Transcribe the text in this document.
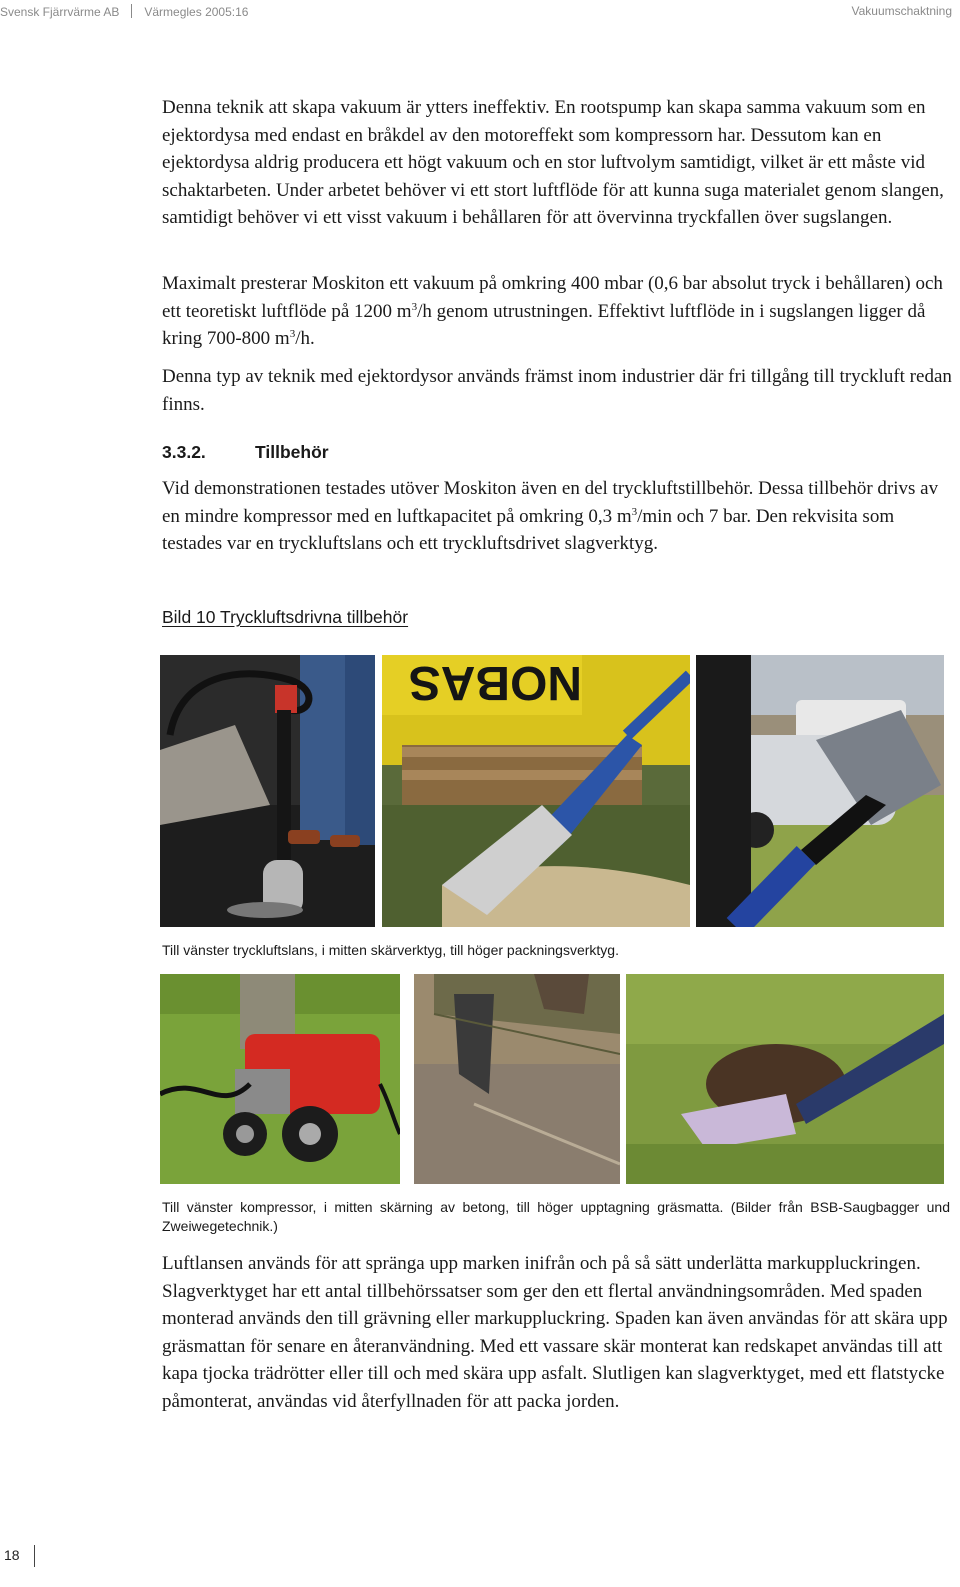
Svensk Fjärrvärme AB Värmegles 2005:16	Vakuumschaktning

Denna teknik att skapa vakuum är ytters ineffektiv. En rootspump kan skapa samma vakuum som en ejektordysa med endast en bråkdel av den motoreffekt som kompressorn har. Dessutom kan en ejektordysa aldrig producera ett högt vakuum och en stor luftvolym samtidigt, vilket är ett måste vid schaktarbeten. Under arbetet behöver vi ett stort luftflöde för att kunna suga materialet genom slangen, samtidigt behöver vi ett visst vakuum i behållaren för att övervinna tryckfallen över sugslangen.

Maximalt presterar Moskiton ett vakuum på omkring 400 mbar (0,6 bar absolut tryck i behållaren) och ett teoretiskt luftflöde på 1200 $m^3/h$ genom utrustningen. Effektivt luftflöde in i sugslangen ligger då kring 700-800 $m^3/h$.

Denna typ av teknik med ejektordysor används främst inom industrier där fri tillgång till tryckluft redan finns.

3.3.2.	Tillbehör

Vid demonstrationen testades utöver Moskiton även en del tryckluftstillbehör. Dessa tillbehör drivs av en mindre kompressor med en luftkapacitet på omkring 0,3 $m^3/\min$ och 7 bar. Den rekvisita som testades var en tryckluftslans och ett tryckluftsdrivet slagverktyg.

Bild 10 Tryckluftsdrivna tillbehör
NOBAS

Till vänster tryckluftslans, i mitten skärverktyg, till höger packningsverktyg.

Till vänster kompressor, i mitten skärning av betong, till höger upptagning gräsmatta. (Bilder från BSB-Saugbagger und Zweiwegetechnik.)

Luftlansen används för att spränga upp marken inifrån och på så sätt underlätta markuppluckringen. Slagverktyget har ett antal tillbehörssatser som ger den ett flertal användningsområden. Med spaden monterad används den till grävning eller markuppluckring. Spaden kan även användas för att skära upp gräsmattan för senare en återanvändning. Med ett vassare skär monterat kan redskapet användas till att kapa tjocka trädrötter eller till och med skära upp asfalt. Slutligen kan slagverktyget, med ett flatstycke påmonterat, användas vid återfyllnaden för att packa jorden.

18
